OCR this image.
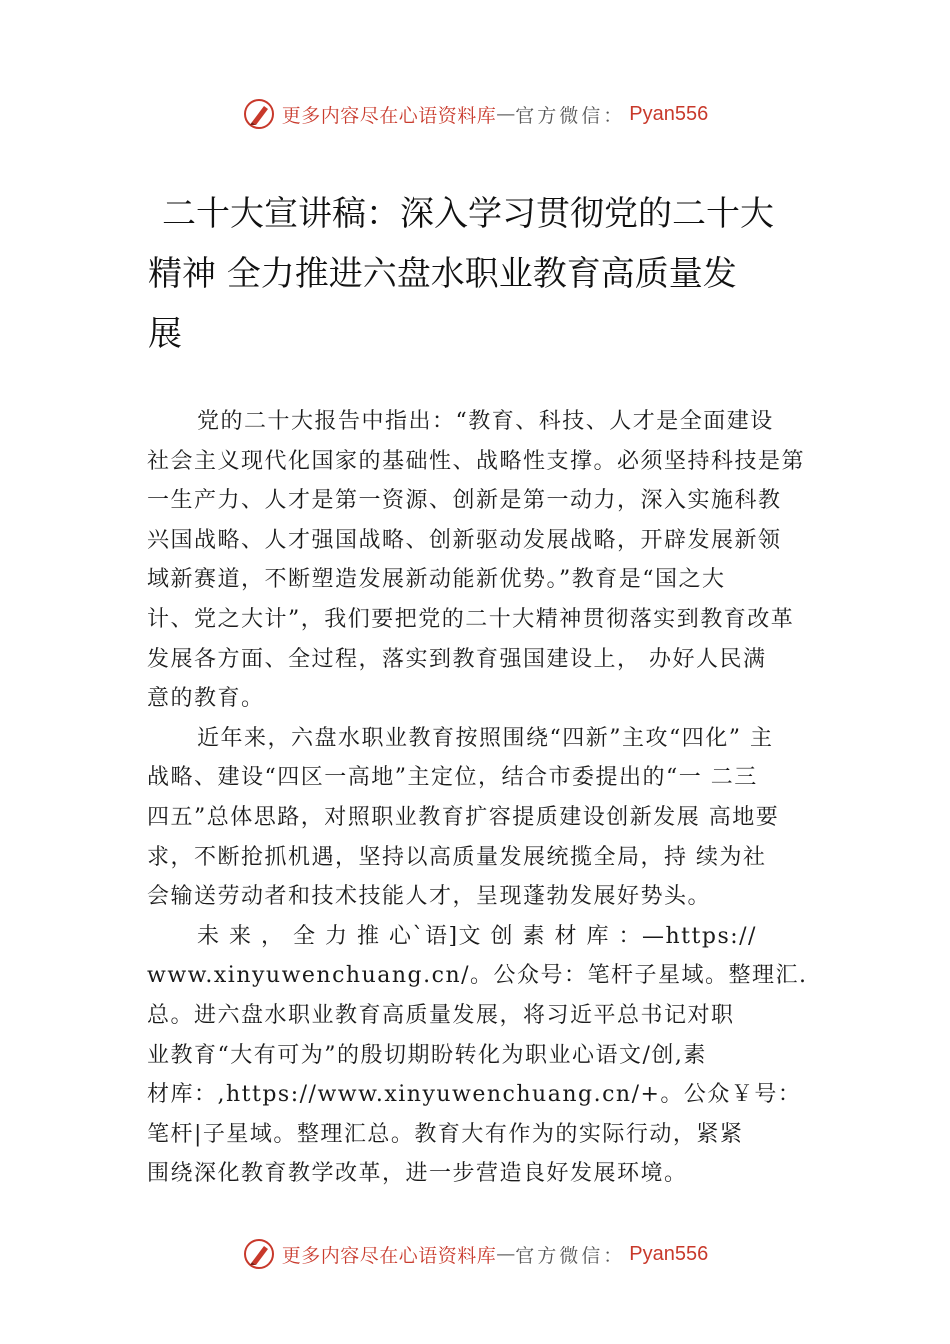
更多内容尽在心语资料库 — 官方微信： Pyan556
二十大宣讲稿：深入学习贯彻党的二十大
精神 全力推进六盘水职业教育高质量发
展

党的二十大报告中指出：“教育、科技、人才是全面建设
社会主义现代化国家的基础性、战略性支撑。必须坚持科技是第
一生产力、人才是第一资源、创新是第一动力，深入实施科教
兴国战略、人才强国战略、创新驱动发展战略，开辟发展新领
域新赛道，不断塑造发展新动能新优势。”教育是“国之大
计、党之大计”，我们要把党的二十大精神贯彻落实到教育改革
发展各方面、全过程，落实到教育强国建设上， 办好人民满
意的教育。

近年来，六盘水职业教育按照围绕“四新”主攻“四化” 主
战略、建设“四区一高地”主定位，结合市委提出的“一 二三
四五”总体思路，对照职业教育扩容提质建设创新发展 高地要
求，不断抢抓机遇，坚持以高质量发展统揽全局，持 续为社
会输送劳动者和技术技能人才，呈现蓬勃发展好势头。

未 来 ， 全 力 推 心`语]文 创 素 材 库 ：—https://
www.xinyuwenchuang.cn/。公众号：笔杆子星域。整理汇.
总。进六盘水职业教育高质量发展，将习近平总书记对职
业教育“大有可为”的殷切期盼转化为职业心语文/创,素
材库：,https://www.xinyuwenchuang.cn/+。公众￥号：
笔杆|子星域。整理汇总。教育大有作为的实际行动，紧紧
围绕深化教育教学改革，进一步营造良好发展环境。

更多内容尽在心语资料库 — 官方微信： Pyan556
